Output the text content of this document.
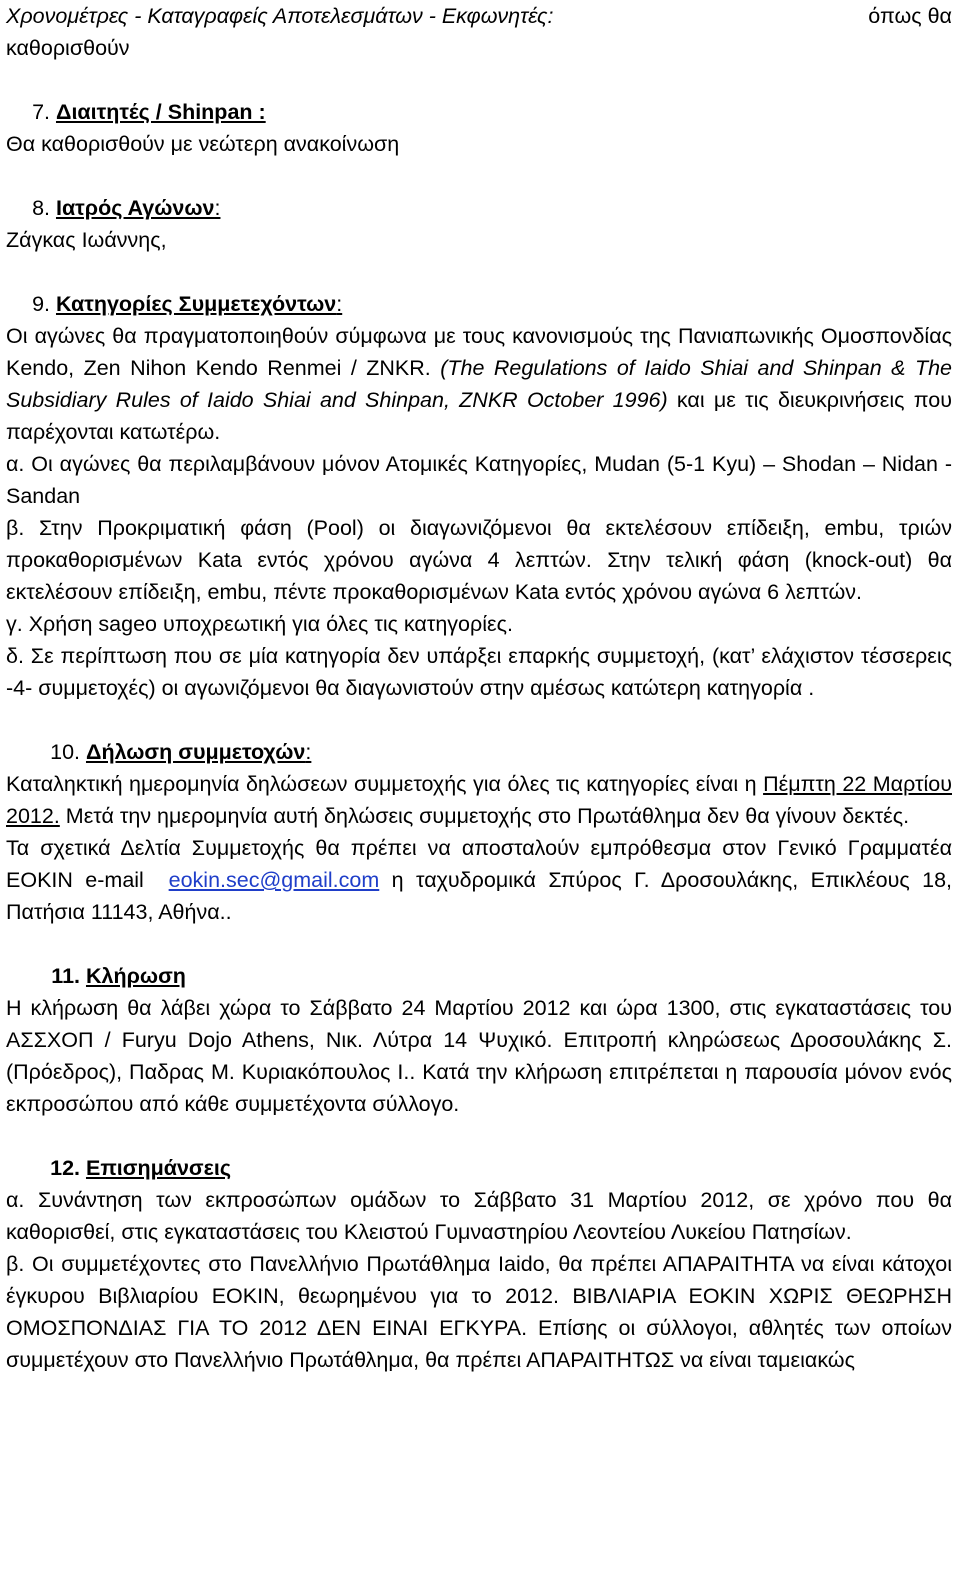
Χρονομέτρες - Καταγραφείς Αποτελεσμάτων - Εκφωνητές:	όπως θα

καθορισθούν

7. Διαιτητές / Shinpan :

Θα καθορισθούν με νεώτερη ανακοίνωση

8. Ιατρός Αγώνων:

Ζάγκας Ιωάννης,

9. Κατηγορίες Συμμετεχόντων:

Οι αγώνες θα πραγματοποιηθούν σύμφωνα με τους κανονισμούς της Πανιαπωνικής Ομοσπονδίας Kendo, Zen Nihon Kendo Renmei / ZNKR. (The Regulations of Iaido Shiai and Shinpan & The Subsidiary Rules of Iaido Shiai and Shinpan, ZNKR October 1996) και με τις διευκρινήσεις που παρέχονται κατωτέρω.

α. Οι αγώνες θα περιλαμβάνουν μόνον Ατομικές Κατηγορίες, Mudan (5-1 Kyu) – Shodan – Nidan - Sandan

β. Στην Προκριματική φάση (Pool) οι διαγωνιζόμενοι θα εκτελέσουν επίδειξη, embu, τριών προκαθορισμένων Kata εντός χρόνου αγώνα 4 λεπτών. Στην τελική φάση (knock-out) θα εκτελέσουν επίδειξη, embu, πέντε προκαθορισμένων Kata εντός χρόνου αγώνα 6 λεπτών.

γ. Χρήση sageo υποχρεωτική για όλες τις κατηγορίες.

δ. Σε περίπτωση που σε μία κατηγορία δεν υπάρξει επαρκής συμμετοχή, (κατ’ ελάχιστον τέσσερεις -4- συμμετοχές) οι αγωνιζόμενοι θα διαγωνιστούν στην αμέσως κατώτερη κατηγορία .

10. Δήλωση συμμετοχών:

Καταληκτική ημερομηνία δηλώσεων συμμετοχής για όλες τις κατηγορίες είναι η Πέμπτη 22 Μαρτίου 2012. Μετά την ημερομηνία αυτή δηλώσεις συμμετοχής στο Πρωτάθλημα δεν θα γίνουν δεκτές.

Τα σχετικά Δελτία Συμμετοχής θα πρέπει να αποσταλούν εμπρόθεσμα στον Γενικό Γραμματέα ΕΟΚΙΝ e-mail eokin.sec@gmail.com η ταχυδρομικά Σπύρος Γ. Δροσουλάκης, Επικλέους 18, Πατήσια 11143, Αθήνα..

11. Κλήρωση

Η κλήρωση θα λάβει χώρα το Σάββατο 24 Μαρτίου 2012 και ώρα 1300, στις εγκαταστάσεις του ΑΣΣΧΟΠ / Furyu Dojo Athens, Νικ. Λύτρα 14 Ψυχικό. Επιτροπή κληρώσεως Δροσουλάκης Σ. (Πρόεδρος), Παδρας Μ. Κυριακόπουλος Ι.. Κατά την κλήρωση επιτρέπεται η παρουσία μόνον ενός εκπροσώπου από κάθε συμμετέχοντα σύλλογο.

12. Επισημάνσεις

α. Συνάντηση των εκπροσώπων ομάδων το Σάββατο 31 Μαρτίου 2012, σε χρόνο που θα καθορισθεί, στις εγκαταστάσεις του Κλειστού Γυμναστηρίου Λεοντείου Λυκείου Πατησίων.

β. Οι συμμετέχοντες στο Πανελλήνιο Πρωτάθλημα Iaido, θα πρέπει ΑΠΑΡΑΙΤΗΤΑ να είναι κάτοχοι έγκυρου Βιβλιαρίου ΕΟΚΙΝ, θεωρημένου για το 2012. ΒΙΒΛΙΑΡΙΑ ΕΟΚΙΝ ΧΩΡΙΣ ΘΕΩΡΗΣΗ ΟΜΟΣΠΟΝΔΙΑΣ ΓΙΑ ΤΟ 2012 ΔΕΝ ΕΙΝΑΙ ΕΓΚΥΡΑ. Επίσης οι σύλλογοι, αθλητές των οποίων συμμετέχουν στο Πανελλήνιο Πρωτάθλημα, θα πρέπει ΑΠΑΡΑΙΤΗΤΩΣ να είναι ταμειακώς
